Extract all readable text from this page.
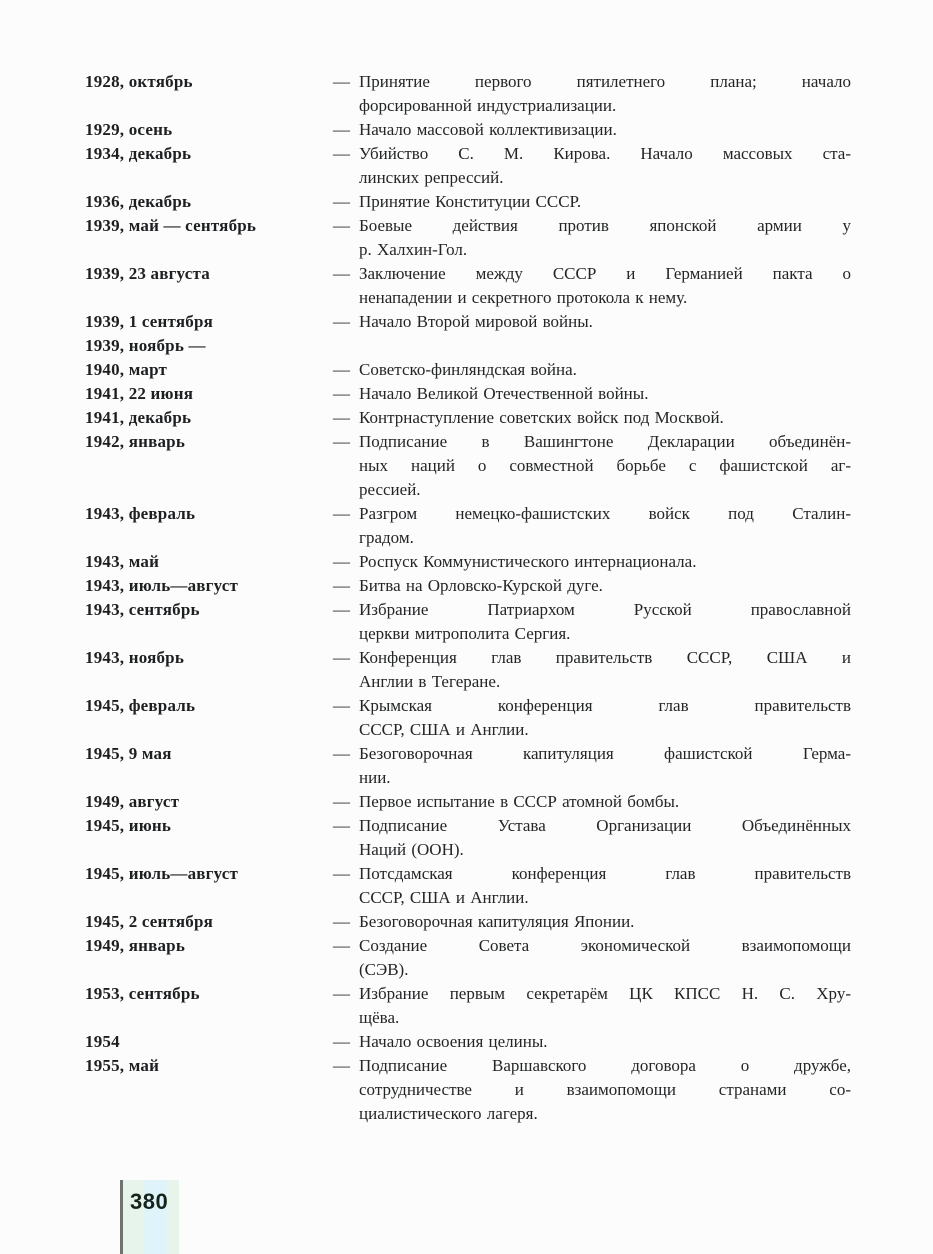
1928, октябрь	— Принятие первого пятилетнего плана; начало
форсированной индустриализации.
1929, осень	— Начало массовой коллективизации.
1934, декабрь	— Убийство С. М. Кирова. Начало массовых ста-
линских репрессий.
1936, декабрь	— Принятие Конституции СССР.
1939, май — сентябрь	— Боевые действия против японской армии у
р. Халхин-Гол.
1939, 23 августа	— Заключение между СССР и Германией пакта о
ненападении и секретного протокола к нему.
1939, 1 сентября	— Начало Второй мировой войны.
1939, ноябрь —
1940, март	— Советско-финляндская война.
1941, 22 июня	— Начало Великой Отечественной войны.
1941, декабрь	— Контрнаступление советских войск под Москвой.
1942, январь	— Подписание в Вашингтоне Декларации объединён-
ных наций о совместной борьбе с фашистской аг-
рессией.
1943, февраль	— Разгром немецко-фашистских войск под Сталин-
градом.
1943, май	— Роспуск Коммунистического интернационала.
1943, июль—август	— Битва на Орловско-Курской дуге.
1943, сентябрь	— Избрание Патриархом Русской православной
церкви митрополита Сергия.
1943, ноябрь	— Конференция глав правительств СССР, США и
Англии в Тегеране.
1945, февраль	— Крымская конференция глав правительств
СССР, США и Англии.
1945, 9 мая	— Безоговорочная капитуляция фашистской Герма-
нии.
1949, август	— Первое испытание в СССР атомной бомбы.
1945, июнь	— Подписание Устава Организации Объединённых
Наций (ООН).
1945, июль—август	— Потсдамская конференция глав правительств
СССР, США и Англии.
1945, 2 сентября	— Безоговорочная капитуляция Японии.
1949, январь	— Создание Совета экономической взаимопомощи
(СЭВ).
1953, сентябрь	— Избрание первым секретарём ЦК КПСС Н. С. Хру-
щёва.
1954	— Начало освоения целины.
1955, май	— Подписание Варшавского договора о дружбе,
сотрудничестве и взаимопомощи странами со-
циалистического лагеря.
380
